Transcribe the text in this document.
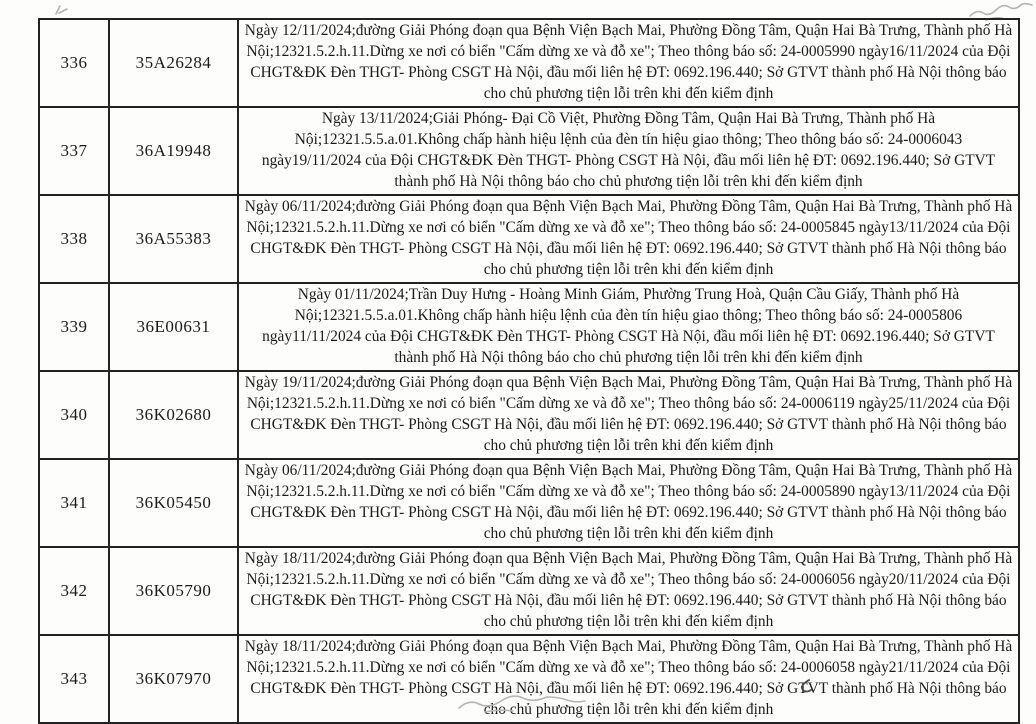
336	35A26284	Ngày 12/11/2024;đường Giải Phóng đoạn qua Bệnh Viện Bạch Mai, Phường Đồng Tâm, Quận Hai Bà Trưng, Thành phố Hà Nội;12321.5.2.h.11.Dừng xe nơi có biển "Cấm dừng xe và đỗ xe"; Theo thông báo số: 24-0005990 ngày16/11/2024 của Đội CHGT&ĐK Đèn THGT- Phòng CSGT Hà Nội, đầu mối liên hệ ĐT: 0692.196.440; Sở GTVT thành phố Hà Nội thông báo cho chủ phương tiện lỗi trên khi đến kiểm định
337	36A19948	Ngày 13/11/2024;Giải Phóng- Đại Cồ Việt, Phường Đồng Tâm, Quận Hai Bà Trưng, Thành phố Hà Nội;12321.5.5.a.01.Không chấp hành hiệu lệnh của đèn tín hiệu giao thông; Theo thông báo số: 24-0006043 ngày19/11/2024 của Đội CHGT&ĐK Đèn THGT- Phòng CSGT Hà Nội, đầu mối liên hệ ĐT: 0692.196.440; Sở GTVT thành phố Hà Nội thông báo cho chủ phương tiện lỗi trên khi đến kiểm định
338	36A55383	Ngày 06/11/2024;đường Giải Phóng đoạn qua Bệnh Viện Bạch Mai, Phường Đồng Tâm, Quận Hai Bà Trưng, Thành phố Hà Nội;12321.5.2.h.11.Dừng xe nơi có biển "Cấm dừng xe và đỗ xe"; Theo thông báo số: 24-0005845 ngày13/11/2024 của Đội CHGT&ĐK Đèn THGT- Phòng CSGT Hà Nội, đầu mối liên hệ ĐT: 0692.196.440; Sở GTVT thành phố Hà Nội thông báo cho chủ phương tiện lỗi trên khi đến kiểm định
339	36E00631	Ngày 01/11/2024;Trần Duy Hưng - Hoàng Minh Giám, Phường Trung Hoà, Quận Cầu Giấy, Thành phố Hà Nội;12321.5.5.a.01.Không chấp hành hiệu lệnh của đèn tín hiệu giao thông; Theo thông báo số: 24-0005806 ngày11/11/2024 của Đội CHGT&ĐK Đèn THGT- Phòng CSGT Hà Nội, đầu mối liên hệ ĐT: 0692.196.440; Sở GTVT thành phố Hà Nội thông báo cho chủ phương tiện lỗi trên khi đến kiểm định
340	36K02680	Ngày 19/11/2024;đường Giải Phóng đoạn qua Bệnh Viện Bạch Mai, Phường Đồng Tâm, Quận Hai Bà Trưng, Thành phố Hà Nội;12321.5.2.h.11.Dừng xe nơi có biển "Cấm dừng xe và đỗ xe"; Theo thông báo số: 24-0006119 ngày25/11/2024 của Đội CHGT&ĐK Đèn THGT- Phòng CSGT Hà Nội, đầu mối liên hệ ĐT: 0692.196.440; Sở GTVT thành phố Hà Nội thông báo cho chủ phương tiện lỗi trên khi đến kiểm định
341	36K05450	Ngày 06/11/2024;đường Giải Phóng đoạn qua Bệnh Viện Bạch Mai, Phường Đồng Tâm, Quận Hai Bà Trưng, Thành phố Hà Nội;12321.5.2.h.11.Dừng xe nơi có biển "Cấm dừng xe và đỗ xe"; Theo thông báo số: 24-0005890 ngày13/11/2024 của Đội CHGT&ĐK Đèn THGT- Phòng CSGT Hà Nội, đầu mối liên hệ ĐT: 0692.196.440; Sở GTVT thành phố Hà Nội thông báo cho chủ phương tiện lỗi trên khi đến kiểm định
342	36K05790	Ngày 18/11/2024;đường Giải Phóng đoạn qua Bệnh Viện Bạch Mai, Phường Đồng Tâm, Quận Hai Bà Trưng, Thành phố Hà Nội;12321.5.2.h.11.Dừng xe nơi có biển "Cấm dừng xe và đỗ xe"; Theo thông báo số: 24-0006056 ngày20/11/2024 của Đội CHGT&ĐK Đèn THGT- Phòng CSGT Hà Nội, đầu mối liên hệ ĐT: 0692.196.440; Sở GTVT thành phố Hà Nội thông báo cho chủ phương tiện lỗi trên khi đến kiểm định
343	36K07970	Ngày 18/11/2024;đường Giải Phóng đoạn qua Bệnh Viện Bạch Mai, Phường Đồng Tâm, Quận Hai Bà Trưng, Thành phố Hà Nội;12321.5.2.h.11.Dừng xe nơi có biển "Cấm dừng xe và đỗ xe"; Theo thông báo số: 24-0006058 ngày21/11/2024 của Đội CHGT&ĐK Đèn THGT- Phòng CSGT Hà Nội, đầu mối liên hệ ĐT: 0692.196.440; Sở GTVT thành phố Hà Nội thông báo cho chủ phương tiện lỗi trên khi đến kiểm định
